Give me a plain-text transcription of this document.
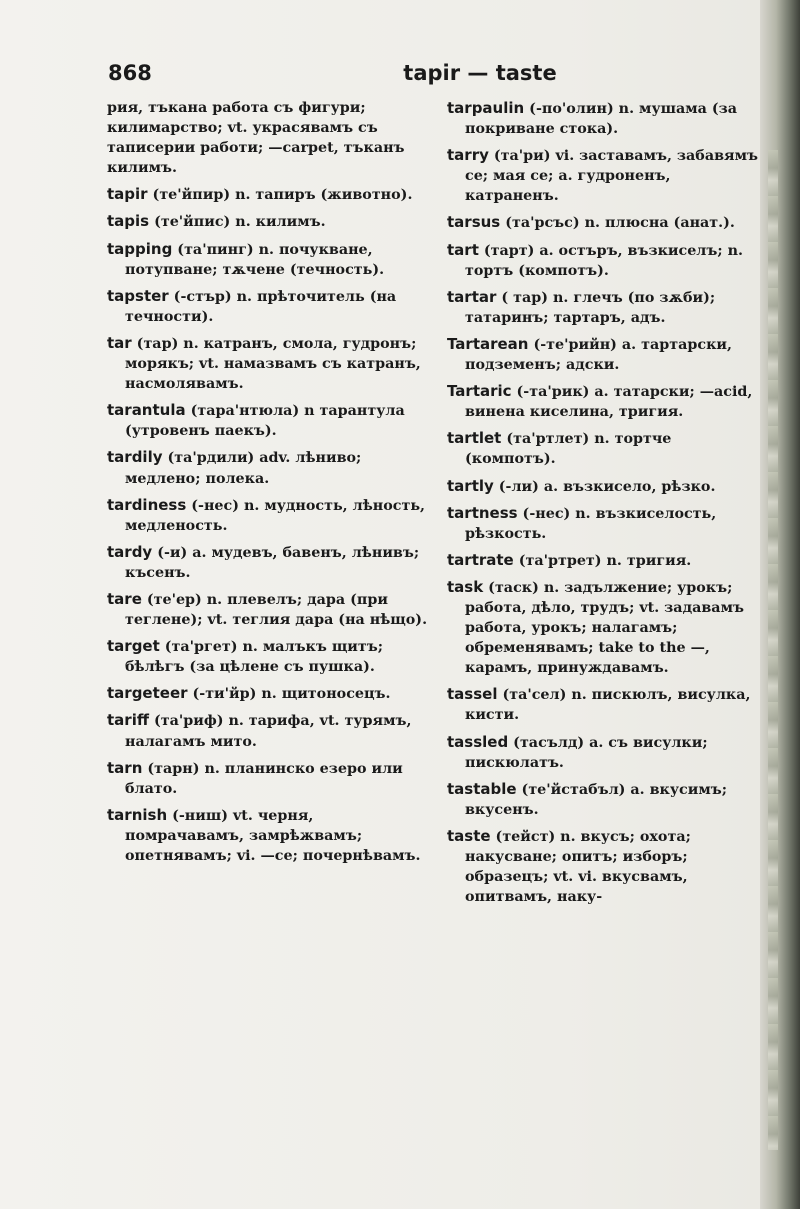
868	tapir — taste

рия, тъкана работа съ фигури; килимарство; vt. украсявамъ съ таписерии работи; —carpet, тъканъ килимъ.

tapir (те'йпир) n. тапиръ (животно).

tapis (те'йпис) n. килимъ.

tapping (та'пинг) n. почукване, потупване; тѫчене (течность).

tapster (-стър) n. прѣточитель (на течности).

tar (тар) n. катранъ, смола, гудронъ; морякъ; vt. намазвамъ съ катранъ, насмолявамъ.

tarantula (тара'нтюла) n тарантула (утровенъ паекъ).

tardily (та'рдили) adv. лѣниво; медлено; полека.

tardiness (-нес) n. мудность, лѣность, медленость.

tardy (-и) a. мудевъ, бавенъ, лѣнивъ; късенъ.

tare (те'ер) n. плевелъ; дара (при теглене); vt. теглия дара (на нѣщо).

target (та'ргет) n. малъкъ щитъ; бѣлѣгъ (за цѣлене съ пушка).

targeteer (-ти'йр) n. щитоносецъ.

tariff (та'риф) n. тарифа, vt. турямъ, налагамъ мито.

tarn (тарн) n. планинско езеро или блато.

tarnish (-ниш) vt. черня, помрачавамъ, замрѣжвамъ; опетнявамъ; vi. —се; почернѣвамъ.

tarpaulin (-по'олин) n. мушама (за покриване стока).

tarry (та'ри) vi. заставамъ, забавямъ се; мая се; a. гудроненъ, катраненъ.

tarsus (та'рсъс) n. плюсна (анат.).

tart (тарт) a. остъръ, възкиселъ; n. тортъ (компотъ).

tartar ( тар) n. глечъ (по зѫби); татаринъ; тартаръ, адъ.

Tartarean (-те'рийн) a. тартарски, подземенъ; адски.

Tartaric (-та'рик) a. татарски; —acid, винена киселина, тригия.

tartlet (та'ртлет) n. тортче (компотъ).

tartly (-ли) a. възкисело, рѣзко.

tartness (-нес) n. възкиселость, рѣзкость.

tartrate (та'ртрет) n. тригия.

task (таск) n. задължение; урокъ; работа, дѣло, трудъ; vt. задавамъ работа, урокъ; налагамъ; обременявамъ; take to the —, карамъ, принуждавамъ.

tassel (та'сел) n. пискюлъ, висулка, кисти.

tassled (тасълд) a. съ висулки; пискюлатъ.

tastable (те'йстабъл) a. вкусимъ; вкусенъ.

taste (тейст) n. вкусъ; охота; накусване; опитъ; изборъ; образецъ; vt. vi. вкусвамъ, опитвамъ, наку-
